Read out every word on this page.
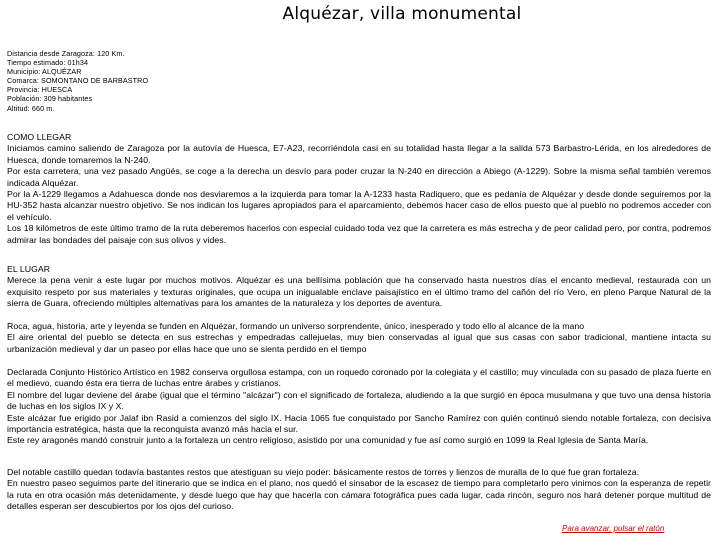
Alquézar, villa monumental
Distancia desde Zaragoza: 120 Km.
Tiempo estimado: 01h34
Municipio: ALQUÉZAR
Comarca: SOMONTANO DE BARBASTRO
Provincia: HUESCA
Población: 309 habitantes
Altitud: 660 m.

COMO LLEGAR

Iniciamos camino saliendo de Zaragoza por la autovía de Huesca, E7-A23, recorriéndola casi en su totalidad hasta llegar a la salida 573 Barbastro-Lérida, en los alrededores de Huesca, donde tomaremos la N-240.

Por esta carretera, una vez pasado Angüés, se coge a la derecha un desvío para poder cruzar la N-240 en dirección a Abiego (A-1229). Sobre la misma señal también veremos indicada Alquézar.

Por la A-1229 llegamos a Adahuesca donde nos desviaremos a la izquierda para tomar la A-1233 hasta Radiquero, que es pedanía de Alquézar y desde donde seguiremos por la HU-352 hasta alcanzar nuestro objetivo. Se nos indican los lugares apropiados para el aparcamiento, debemos hacer caso de ellos puesto que al pueblo no podremos acceder con el vehículo.

Los 18 kilómetros de este último tramo de la ruta deberemos hacerlos con especial cuidado toda vez que la carretera es más estrecha y de peor calidad pero, por contra, podremos admirar las bondades del paisaje con sus olivos y vides.

EL LUGAR

Merece la pena venir a este lugar por muchos motivos. Alquézar es una bellísima población que ha conservado hasta nuestros días el encanto medieval, restaurada con un exquisito respeto por sus materiales y texturas originales, que ocupa un inigualable enclave paisajístico en el último tramo del cañón del río Vero, en pleno Parque Natural de la sierra de Guara, ofreciendo múltiples alternativas para los amantes de la naturaleza y los deportes de aventura.

Roca, agua, historia, arte y leyenda se funden en Alquézar, formando un universo sorprendente, único, inesperado y todo ello al alcance de la mano

El aire oriental del pueblo se detecta en sus estrechas y empedradas callejuelas, muy bien conservadas al igual que sus casas con sabor tradicional, mantiene intacta su urbanización medieval y dar un paseo por ellas hace que uno se sienta perdido en el tiempo

Declarada Conjunto Histórico Artístico en 1982 conserva orgullosa estampa, con un roquedo coronado por la colegiata y el castillo; muy vinculada con su pasado de plaza fuerte en el medievo, cuando ésta era tierra de luchas entre árabes y cristianos.

El nombre del lugar deviene del árabe (igual que el término "alcázar") con el significado de fortaleza, aludiendo a la que surgió en época musulmana y que tuvo una densa historia de luchas en los siglos IX y X.

Este alcázar fue erigido por Jalaf ibn Rasid a comienzos del siglo IX. Hacia 1065 fue conquistado por Sancho Ramírez con quién continuó siendo notable fortaleza, con decisiva importancia estratégica, hasta que la reconquista avanzó más hacia el sur.

Este rey aragonés mandó construir junto a la fortaleza un centro religioso, asistido por una comunidad y fue así como surgió en 1099 la Real Iglesia de Santa María.

Del notable castillo quedan todavía bastantes restos que atestiguan su viejo poder: básicamente restos de torres y lienzos de muralla de lo que fue gran fortaleza.

En nuestro paseo seguimos parte del itinerario que se indica en el plano, nos quedó el sinsabor de la escasez de tiempo para completarlo pero vinimos con la esperanza de repetir la ruta en otra ocasión más detenidamente, y desde luego que hay que hacerla con cámara fotográfica pues cada lugar, cada rincón, seguro nos hará detener porque multitud de detalles esperan ser descubiertos por los ojos del curioso.

Para avanzar, pulsar el ratón
